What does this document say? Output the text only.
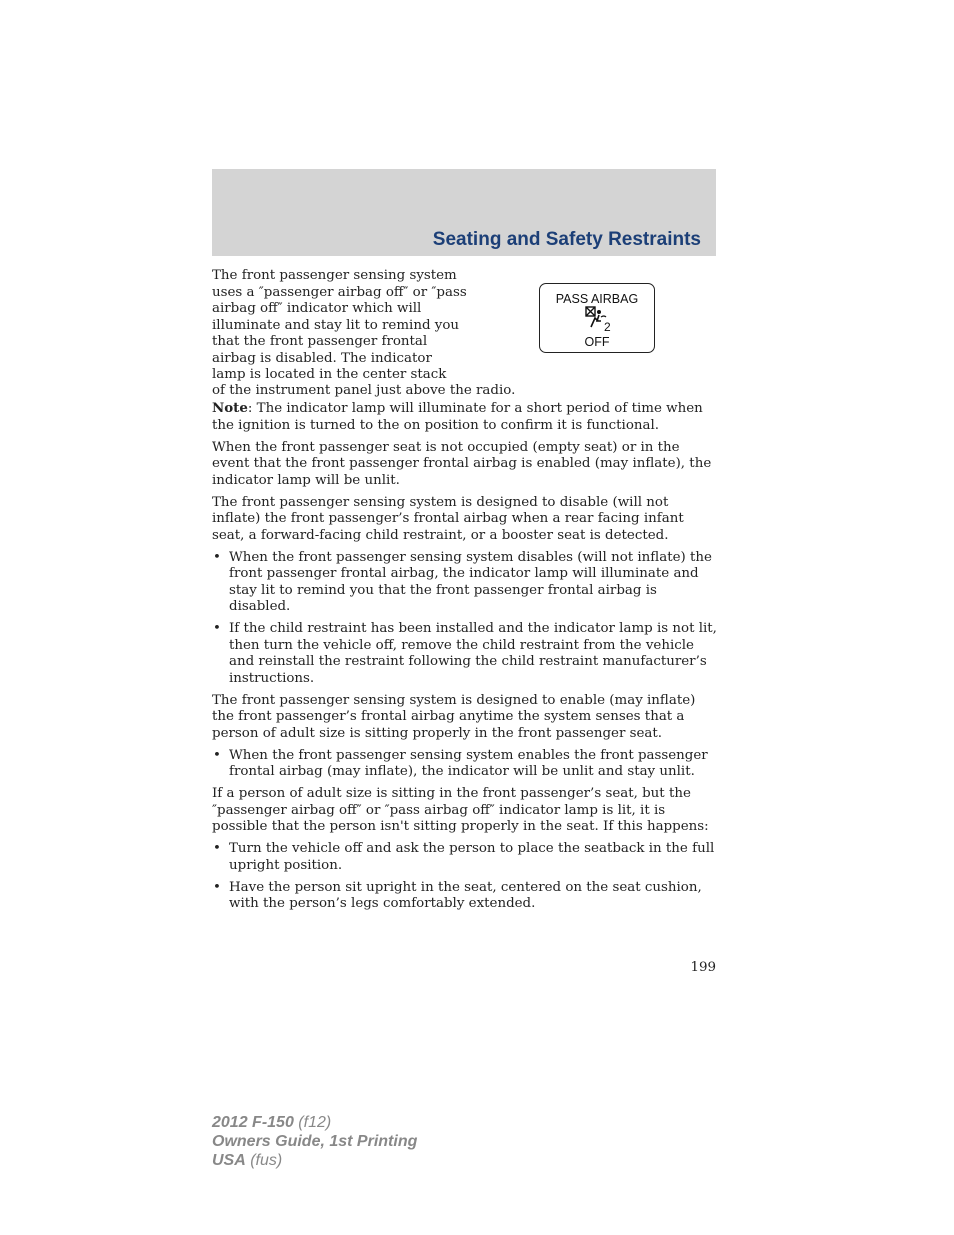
Seating and Safety Restraints

The front passenger sensing system uses a ″passenger airbag off″ or ″pass airbag off″ indicator which will illuminate and stay lit to remind you that the front passenger frontal airbag is disabled. The indicator lamp is located in the center stack

of the instrument panel just above the radio.

PASS AIRBAG
2
OFF

Note: The indicator lamp will illuminate for a short period of time when the ignition is turned to the on position to confirm it is functional.

When the front passenger seat is not occupied (empty seat) or in the event that the front passenger frontal airbag is enabled (may inflate), the indicator lamp will be unlit.

The front passenger sensing system is designed to disable (will not inflate) the front passenger’s frontal airbag when a rear facing infant seat, a forward-facing child restraint, or a booster seat is detected.

• When the front passenger sensing system disables (will not inflate) the front passenger frontal airbag, the indicator lamp will illuminate and stay lit to remind you that the front passenger frontal airbag is disabled.
• If the child restraint has been installed and the indicator lamp is not lit, then turn the vehicle off, remove the child restraint from the vehicle and reinstall the restraint following the child restraint manufacturer’s instructions.

The front passenger sensing system is designed to enable (may inflate) the front passenger’s frontal airbag anytime the system senses that a person of adult size is sitting properly in the front passenger seat.

• When the front passenger sensing system enables the front passenger frontal airbag (may inflate), the indicator will be unlit and stay unlit.

If a person of adult size is sitting in the front passenger’s seat, but the ″passenger airbag off″ or ″pass airbag off″ indicator lamp is lit, it is possible that the person isn't sitting properly in the seat. If this happens:

• Turn the vehicle off and ask the person to place the seatback in the full upright position.
• Have the person sit upright in the seat, centered on the seat cushion, with the person’s legs comfortably extended.
199
2012 F-150 (f12)
Owners Guide, 1st Printing
USA (fus)
